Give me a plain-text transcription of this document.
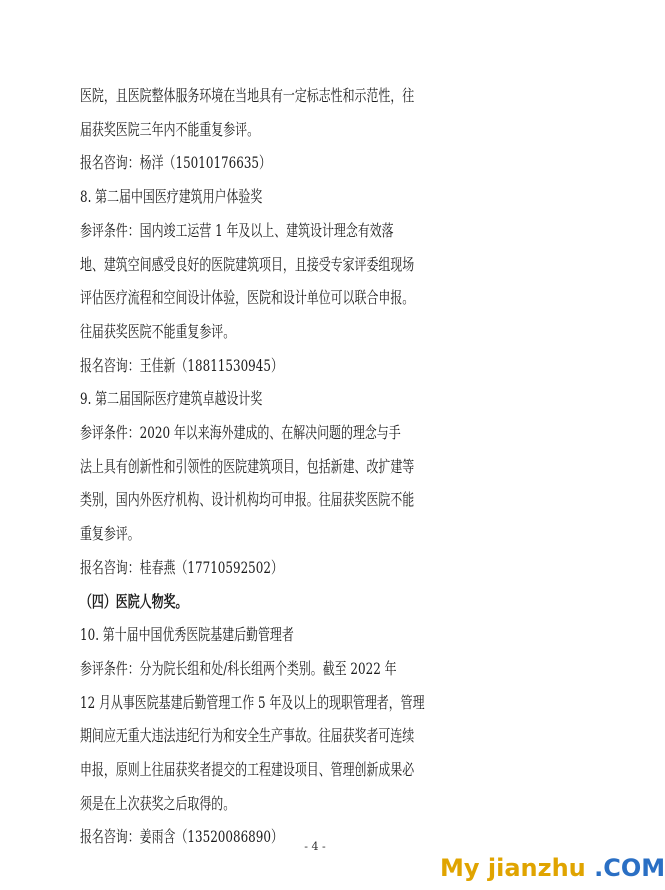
医院，且医院整体服务环境在当地具有一定标志性和示范性，往
届获奖医院三年内不能重复参评。
报名咨询：杨洋（15010176635）
8. 第二届中国医疗建筑用户体验奖
参评条件：国内竣工运营 1 年及以上、建筑设计理念有效落
地、建筑空间感受良好的医院建筑项目，且接受专家评委组现场
评估医疗流程和空间设计体验，医院和设计单位可以联合申报。
往届获奖医院不能重复参评。
报名咨询：王佳新（18811530945）
9. 第二届国际医疗建筑卓越设计奖
参评条件：2020 年以来海外建成的、在解决问题的理念与手
法上具有创新性和引领性的医院建筑项目，包括新建、改扩建等
类别，国内外医疗机构、设计机构均可申报。往届获奖医院不能
重复参评。
报名咨询：桂春燕（17710592502）
（四）医院人物奖。
10. 第十届中国优秀医院基建后勤管理者
参评条件：分为院长组和处/科长组两个类别。截至 2022 年
12 月从事医院基建后勤管理工作 5 年及以上的现职管理者，管理
期间应无重大违法违纪行为和安全生产事故。往届获奖者可连续
申报，原则上往届获奖者提交的工程建设项目、管理创新成果必
须是在上次获奖之后取得的。
报名咨询：姜雨含（13520086890）
- 4 -
My jianzhu .COM
